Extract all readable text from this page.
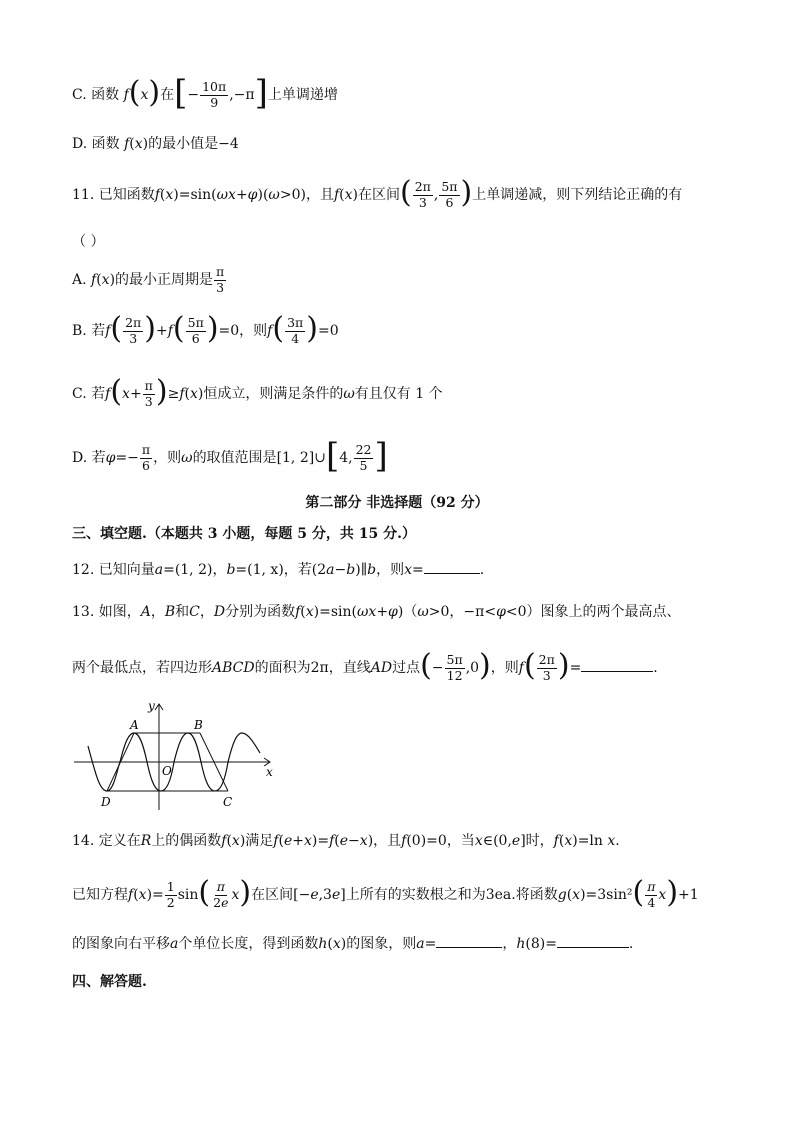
C. 函数 f(x)在[− $\frac{10\pi}{9} ,-\pi$]上单调递增
D. 函数 f(x)的最小值是−4
11. 已知函数f(x)=sin(ωx+φ)(ω>0)，且f(x)在区间( $\frac{2\pi}{3}$ , $\frac{5\pi}{6}$ )上单调递减，则下列结论正确的有
（ ）
A. f(x)的最小正周期是 $\frac{\pi}{3}$
B. 若$f( \frac{2\pi}{3} )+f( \frac{5\pi}{6} )=0$，则$f( \frac{3\pi}{4} )=0$
C. 若$f(x+ \frac{\pi}{3} )\ge f(x)$恒成立，则满足条件的ω有且仅有 1 个
D. 若$\varphi=- \frac{\pi}{6}$ ，则ω的取值范围是[1, 2]∪[4, $\frac{22}{5}$ ]
第二部分 非选择题（92 分）
三、填空题.（本题共 3 小题，每题 5 分，共 15 分.）
12. 已知向量a=(1, 2)，b=(1, x)，若(2a−b)∥b，则x=	.
13. 如图，A，B和C，D分别为函数f(x)=sin(ωx+φ)（ω>0，−π<φ<0）图象上的两个最高点、
两个最低点，若四边形ABCD的面积为2π，直线AD过点(− $\frac{5\pi}{12} ,0$)，则$f( \frac{2\pi}{3}$ )=	.
y
x
O
A	B
C
D
14. 定义在R上的偶函数f(x)满足f(e+x)=f(e−x)，且f(0)=0，当x∈(0,e]时，f(x)=ln x.
已知方程$f(x)= \frac{1}{2} \sin( \frac{\pi}{2e} x)$在区间[−e,3e]上所有的实数根之和为3ea.将函数$g(x)=3\sin^2( \frac{\pi}{4} x)+1$
的图象向右平移a个单位长度，得到函数h(x)的图象，则a=	，h(8)=	.
四、解答题.
